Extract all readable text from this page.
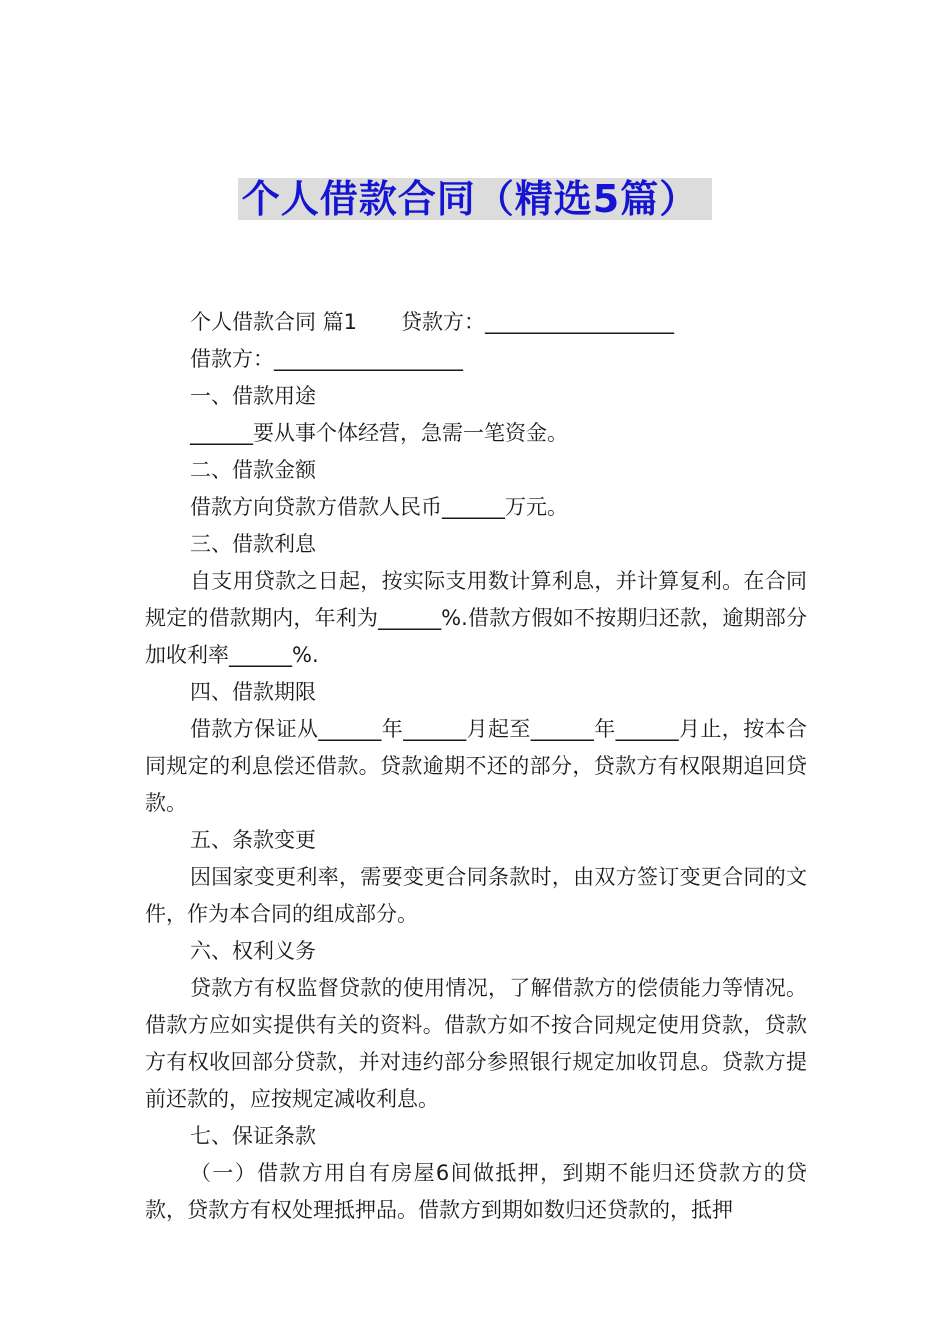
个人借款合同（精选5篇）
个人借款合同 篇1 贷款方：__________________
借款方：__________________
一、借款用途
______要从事个体经营，急需一笔资金。
二、借款金额
借款方向贷款方借款人民币______万元。
三、借款利息
自支用贷款之日起，按实际支用数计算利息，并计算复利。在合同规定的借款期内，年利为______%.借款方假如不按期归还款，逾期部分加收利率______%.
四、借款期限
借款方保证从______年______月起至______年______月止，按本合同规定的利息偿还借款。贷款逾期不还的部分，贷款方有权限期追回贷款。
五、条款变更
因国家变更利率，需要变更合同条款时，由双方签订变更合同的文件，作为本合同的组成部分。
六、权利义务
贷款方有权监督贷款的使用情况，了解借款方的偿债能力等情况。借款方应如实提供有关的资料。借款方如不按合同规定使用贷款，贷款方有权收回部分贷款，并对违约部分参照银行规定加收罚息。贷款方提前还款的，应按规定减收利息。
七、保证条款
（一）借款方用自有房屋6间做抵押，到期不能归还贷款方的贷款，贷款方有权处理抵押品。借款方到期如数归还贷款的，抵押
